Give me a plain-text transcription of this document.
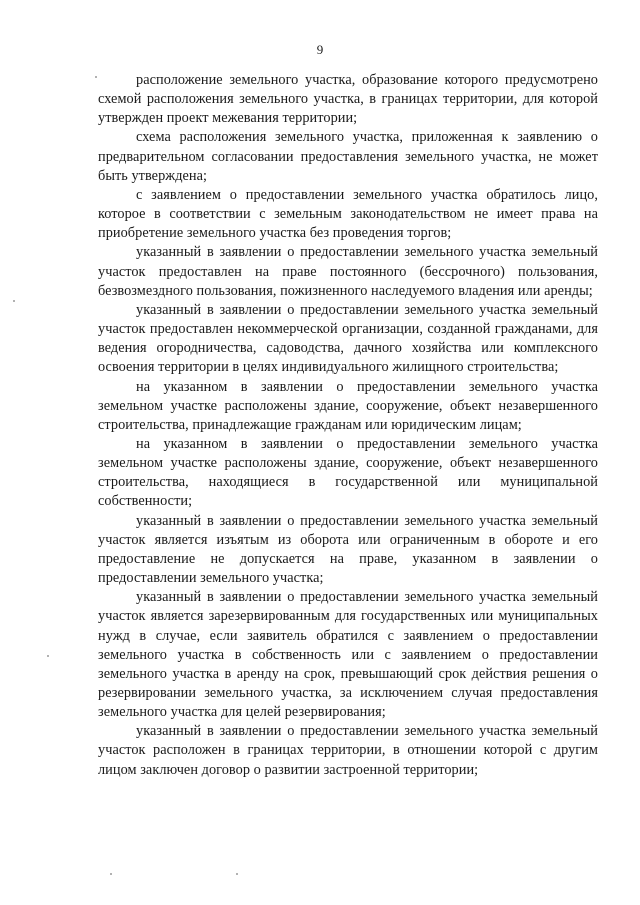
9

расположение земельного участка, образование которого предусмотрено схемой расположения земельного участка, в границах территории, для которой утвержден проект межевания территории;

схема расположения земельного участка, приложенная к заявлению о предварительном согласовании предоставления земельного участка, не может быть утверждена;

с заявлением о предоставлении земельного участка обратилось лицо, которое в соответствии с земельным законодательством не имеет права на приобретение земельного участка без проведения торгов;

указанный в заявлении о предоставлении земельного участка земельный участок предоставлен на праве постоянного (бессрочного) пользования, безвозмездного пользования, пожизненного наследуемого владения или аренды;

указанный в заявлении о предоставлении земельного участка земельный участок предоставлен некоммерческой организации, созданной гражданами, для ведения огородничества, садоводства, дачного хозяйства или комплексного освоения территории в целях индивидуального жилищного строительства;

на указанном в заявлении о предоставлении земельного участка земельном участке расположены здание, сооружение, объект незавершенного строительства, принадлежащие гражданам или юридическим лицам;

на указанном в заявлении о предоставлении земельного участка земельном участке расположены здание, сооружение, объект незавершенного строительства, находящиеся в государственной или муниципальной собственности;

указанный в заявлении о предоставлении земельного участка земельный участок является изъятым из оборота или ограниченным в обороте и его предоставление не допускается на праве, указанном в заявлении о предоставлении земельного участка;

указанный в заявлении о предоставлении земельного участка земельный участок является зарезервированным для государственных или муниципальных нужд в случае, если заявитель обратился с заявлением о предоставлении земельного участка в собственность или с заявлением о предоставлении земельного участка в аренду на срок, превышающий срок действия решения о резервировании земельного участка, за исключением случая предоставления земельного участка для целей резервирования;

указанный в заявлении о предоставлении земельного участка земельный участок расположен в границах территории, в отношении которой с другим лицом заключен договор о развитии застроенной территории;
